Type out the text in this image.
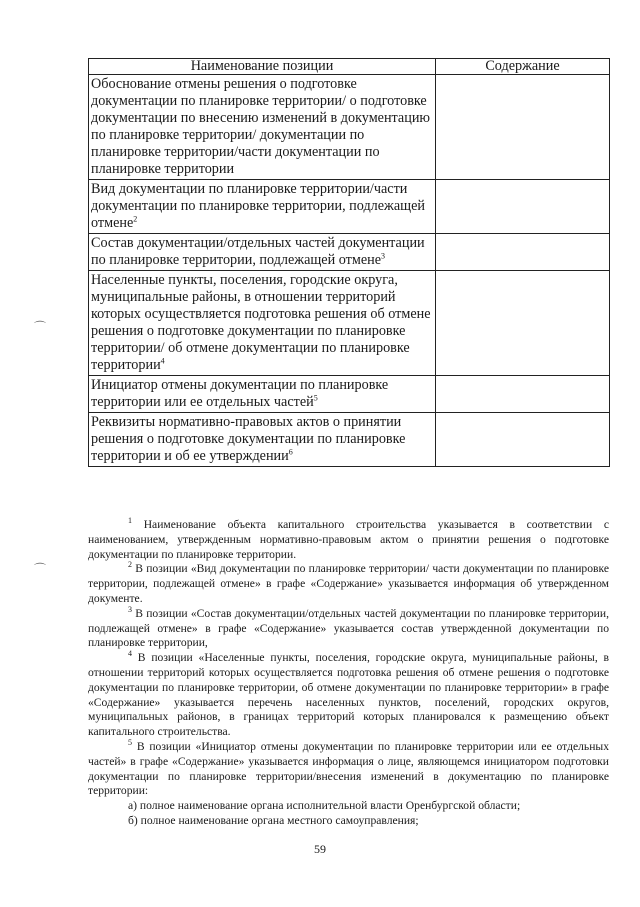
Наименование позиции	Содержание
Обоснование отмены решения о подготовке документации по планировке территории/ о подготовке документации по внесению изменений в документацию по планировке территории/ документации по планировке территории/части документации по планировке территории	
Вид документации по планировке территории/части документации по планировке территории, подлежащей отмене$^2$	
Состав документации/отдельных частей документации по планировке территории, подлежащей отмене$^3$	
Населенные пункты, поселения, городские округа, муниципальные районы, в отношении территорий которых осуществляется подготовка решения об отмене решения о подготовке документации по планировке территории/ об отмене документации по планировке территории$^4$	
Инициатор отмены документации по планировке территории или ее отдельных частей$^5$	
Реквизиты нормативно-правовых актов о принятии решения о подготовке документации по планировке территории и об ее утверждении$^6$	

$^1$ Наименование объекта капитального строительства указывается в соответствии с наименованием, утвержденным нормативно-правовым актом о принятии решения о подготовке документации по планировке территории.

$^2$ В позиции «Вид документации по планировке территории/ части документации по планировке территории, подлежащей отмене» в графе «Содержание» указывается информация об утвержденном документе.

$^3$ В позиции «Состав документации/отдельных частей документации по планировке территории, подлежащей отмене» в графе «Содержание» указывается состав утвержденной документации по планировке территории,

$^4$ В позиции «Населенные пункты, поселения, городские округа, муниципальные районы, в отношении территорий которых осуществляется подготовка решения об отмене решения о подготовке документации по планировке территории, об отмене документации по планировке территории» в графе «Содержание» указывается перечень населенных пунктов, поселений, городских округов, муниципальных районов, в границах территорий которых планировался к размещению объект капитального строительства.

$^5$ В позиции «Инициатор отмены документации по планировке территории или ее отдельных частей» в графе «Содержание» указывается информация о лице, являющемся инициатором подготовки документации по планировке территории/внесения изменений в документацию по планировке территории:

а) полное наименование органа исполнительной власти Оренбургской области;

б) полное наименование органа местного самоуправления;

59
⌒
⌒
